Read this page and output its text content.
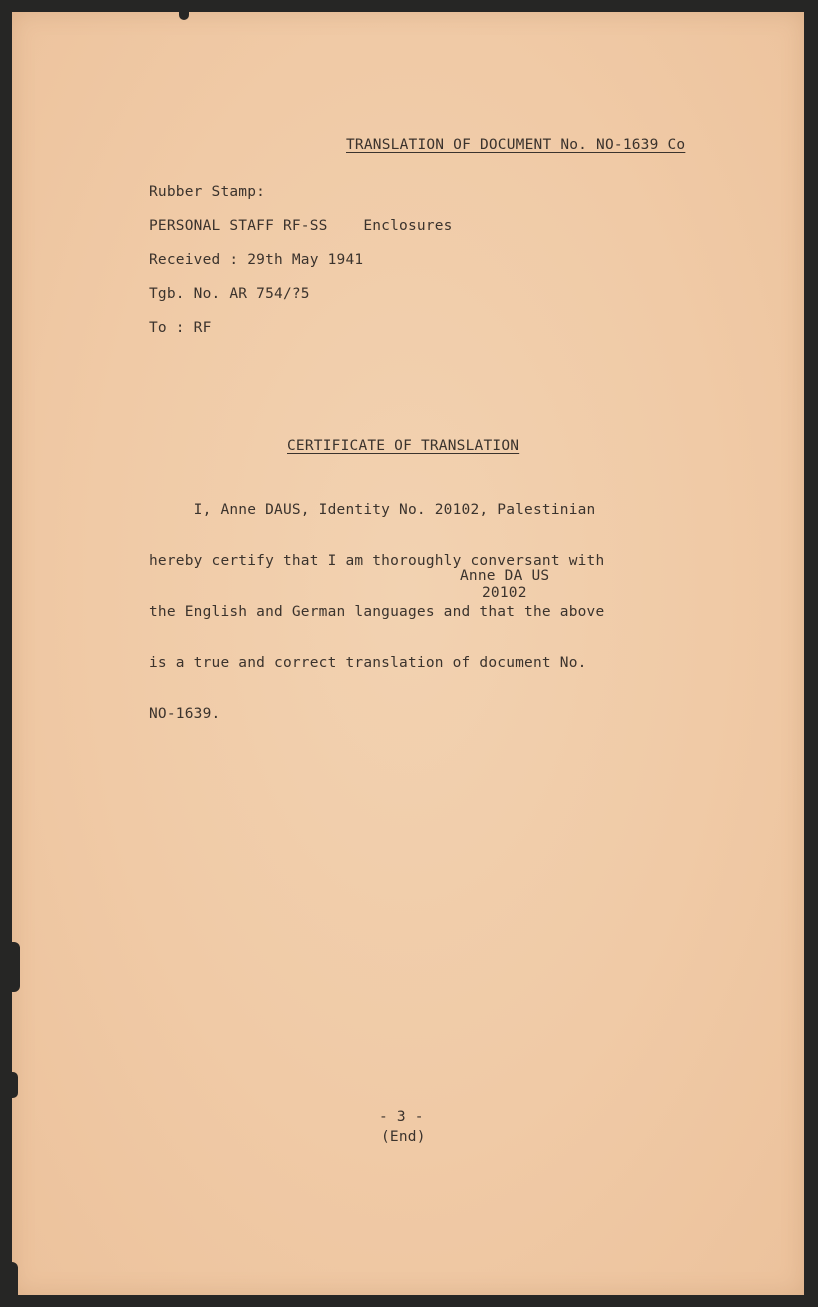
TRANSLATION OF DOCUMENT No. NO-1639 Co
Rubber Stamp:
PERSONAL STAFF RF-SS    Enclosures
Received : 29th May 1941
Tgb. No. AR 754/?5
To : RF
CERTIFICATE OF TRANSLATION

I, Anne DAUS, Identity No. 20102, Palestinian

hereby certify that I am thoroughly conversant with

the English and German languages and that the above

is a true and correct translation of document No.

NO-1639.

Anne DA US
20102
- 3 -
(End)
